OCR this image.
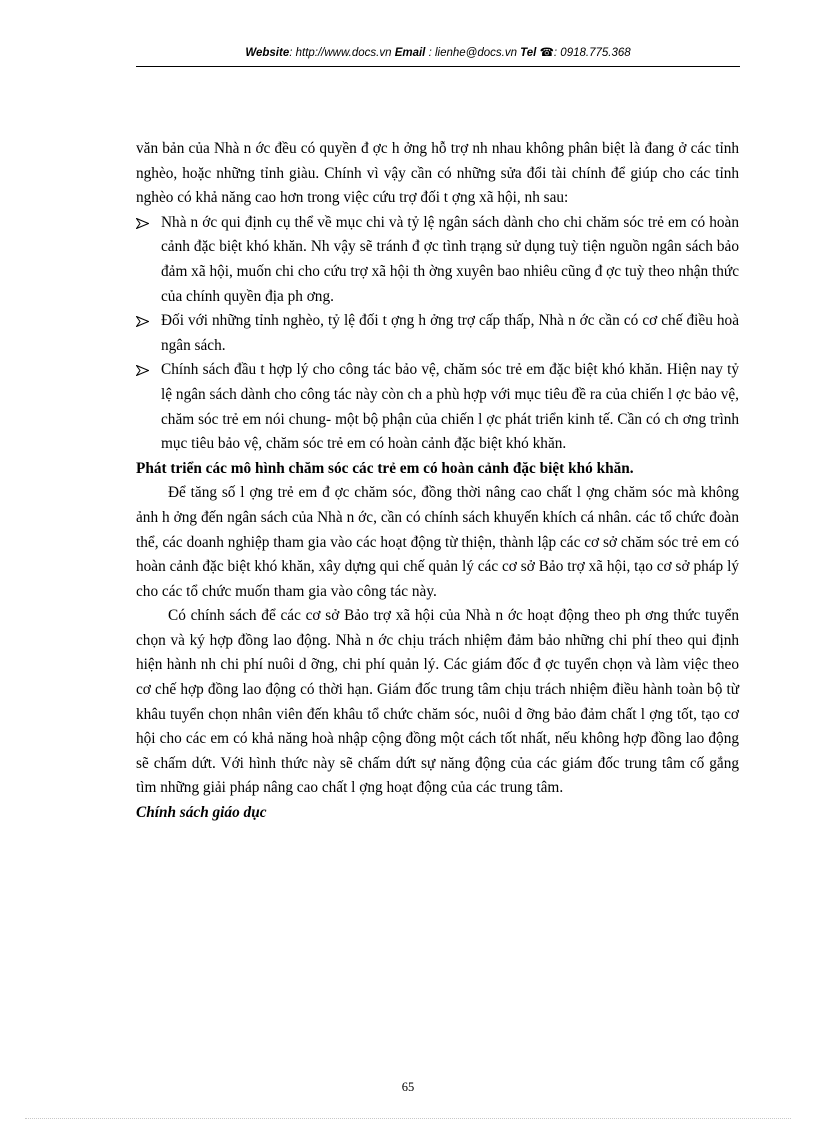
Website: http://www.docs.vn Email : lienhe@docs.vn Tel ☎: 0918.775.368

văn bản của Nhà n ớc đều có quyền đ ợc h ởng hỗ trợ nh nhau không phân biệt là đang ở các tỉnh nghèo, hoặc những tỉnh giàu. Chính vì vậy cần có những sửa đổi tài chính để giúp cho các tỉnh nghèo có khả năng cao hơn trong việc cứu trợ đối t ợng xã hội, nh sau:

Nhà n ớc qui định cụ thể về mục chi và tỷ lệ ngân sách dành cho chi chăm sóc trẻ em có hoàn cảnh đặc biệt khó khăn. Nh vậy sẽ tránh đ ợc tình trạng sử dụng tuỳ tiện nguồn ngân sách bảo đảm xã hội, muốn chi cho cứu trợ xã hội th ờng xuyên bao nhiêu cũng đ ợc tuỳ theo nhận thức của chính quyền địa ph ơng.
Đối với những tỉnh nghèo, tỷ lệ đối t ợng h ởng trợ cấp thấp, Nhà n ớc cần có cơ chế điều hoà ngân sách.
Chính sách đầu t hợp lý cho công tác bảo vệ, chăm sóc trẻ em đặc biệt khó khăn. Hiện nay tỷ lệ ngân sách dành cho công tác này còn ch a phù hợp với mục tiêu đề ra của chiến l ợc bảo vệ, chăm sóc trẻ em nói chung- một bộ phận của chiến l ợc phát triển kinh tế. Cần có ch ơng trình mục tiêu bảo vệ, chăm sóc trẻ em có hoàn cảnh đặc biệt khó khăn.

Phát triển các mô hình chăm sóc các trẻ em có hoàn cảnh đặc biệt khó khăn.

Để tăng số l ợng trẻ em đ ợc chăm sóc, đồng thời nâng cao chất l ợng chăm sóc mà không ảnh h ởng đến ngân sách của Nhà n ớc, cần có chính sách khuyến khích cá nhân. các tổ chức đoàn thể, các doanh nghiệp tham gia vào các hoạt động từ thiện, thành lập các cơ sở chăm sóc trẻ em có hoàn cảnh đặc biệt khó khăn, xây dựng qui chế quản lý các cơ sở Bảo trợ xã hội, tạo cơ sở pháp lý cho các tổ chức muốn tham gia vào công tác này.

Có chính sách để các cơ sở Bảo trợ xã hội của Nhà n ớc hoạt động theo ph ơng thức tuyển chọn và ký hợp đồng lao động. Nhà n ớc chịu trách nhiệm đảm bảo những chi phí theo qui định hiện hành nh chi phí nuôi d ỡng, chi phí quản lý. Các giám đốc đ ợc tuyển chọn và làm việc theo cơ chế hợp đồng lao động có thời hạn. Giám đốc trung tâm chịu trách nhiệm điều hành toàn bộ từ khâu tuyển chọn nhân viên đến khâu tổ chức chăm sóc, nuôi d ỡng bảo đảm chất l ợng tốt, tạo cơ hội cho các em có khả năng hoà nhập cộng đồng một cách tốt nhất, nếu không hợp đồng lao động sẽ chấm dứt. Với hình thức này sẽ chấm dứt sự năng động của các giám đốc trung tâm cố gắng tìm những giải pháp nâng cao chất l ợng hoạt động của các trung tâm.

Chính sách giáo dục

65
